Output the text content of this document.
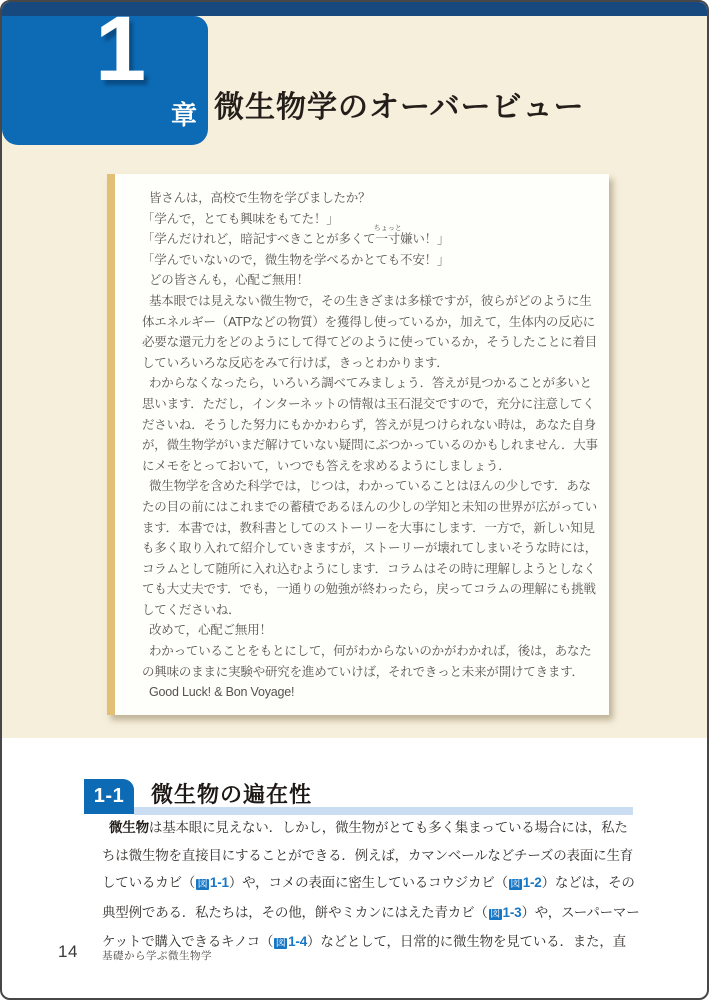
1
章 微生物学のオーバービュー
皆さんは，高校で生物を学びましたか？
「学んで，とても興味をもてた！」
「学んだけれど，暗記すべきことが多くて一寸
ちょっと
嫌い！」
「学んでいないので，微生物を学べるかとても不安！」
どの皆さんも，心配ご無用！
基本眼では見えない微生物で，その生きざまは多様ですが，彼らがどのように生
体エネルギー（ATPなどの物質）を獲得し使っているか，加えて，生体内の反応に
必要な還元力をどのようにして得てどのように使っているか，そうしたことに着目
していろいろな反応をみて行けば，きっとわかります．
わからなくなったら，いろいろ調べてみましょう．答えが見つかることが多いと
思います．ただし，インターネットの情報は玉石混交ですので，充分に注意してく
ださいね．そうした努力にもかかわらず，答えが見つけられない時は，あなた自身
が，微生物学がいまだ解けていない疑問にぶつかっているのかもしれません．大事
にメモをとっておいて，いつでも答えを求めるようにしましょう．
微生物学を含めた科学では，じつは，わかっていることはほんの少しです．あな
たの目の前にはこれまでの蓄積であるほんの少しの学知と未知の世界が広がってい
ます．本書では，教科書としてのストーリーを大事にします．一方で，新しい知見
も多く取り入れて紹介していきますが，ストーリーが壊れてしまいそうな時には，
コラムとして随所に入れ込むようにします．コラムはその時に理解しようとしなく
ても大丈夫です．でも，一通りの勉強が終わったら，戻ってコラムの理解にも挑戦
してくださいね．
改めて，心配ご無用！
わかっていることをもとにして，何がわからないのかがわかれば，後は，あなた
の興味のままに実験や研究を進めていけば，それできっと未来が開けてきます．
Good Luck! & Bon Voyage!
1-1	微生物の遍在性
微生物は基本眼に見えない．しかし，微生物がとても多く集まっている場合には，私た
ちは微生物を直接目にすることができる．例えば，カマンベールなどチーズの表面に生育
しているカビ（ 図 1-1）や，コメの表面に密生しているコウジカビ（ 図 1-2）などは，その
典型例である．私たちは，その他，餅やミカンにはえた青カビ（ 図 1-3）や，スーパーマー
ケットで購入できるキノコ（ 図 1-4）などとして，日常的に微生物を見ている．また，直
14 基礎から学ぶ微生物学
